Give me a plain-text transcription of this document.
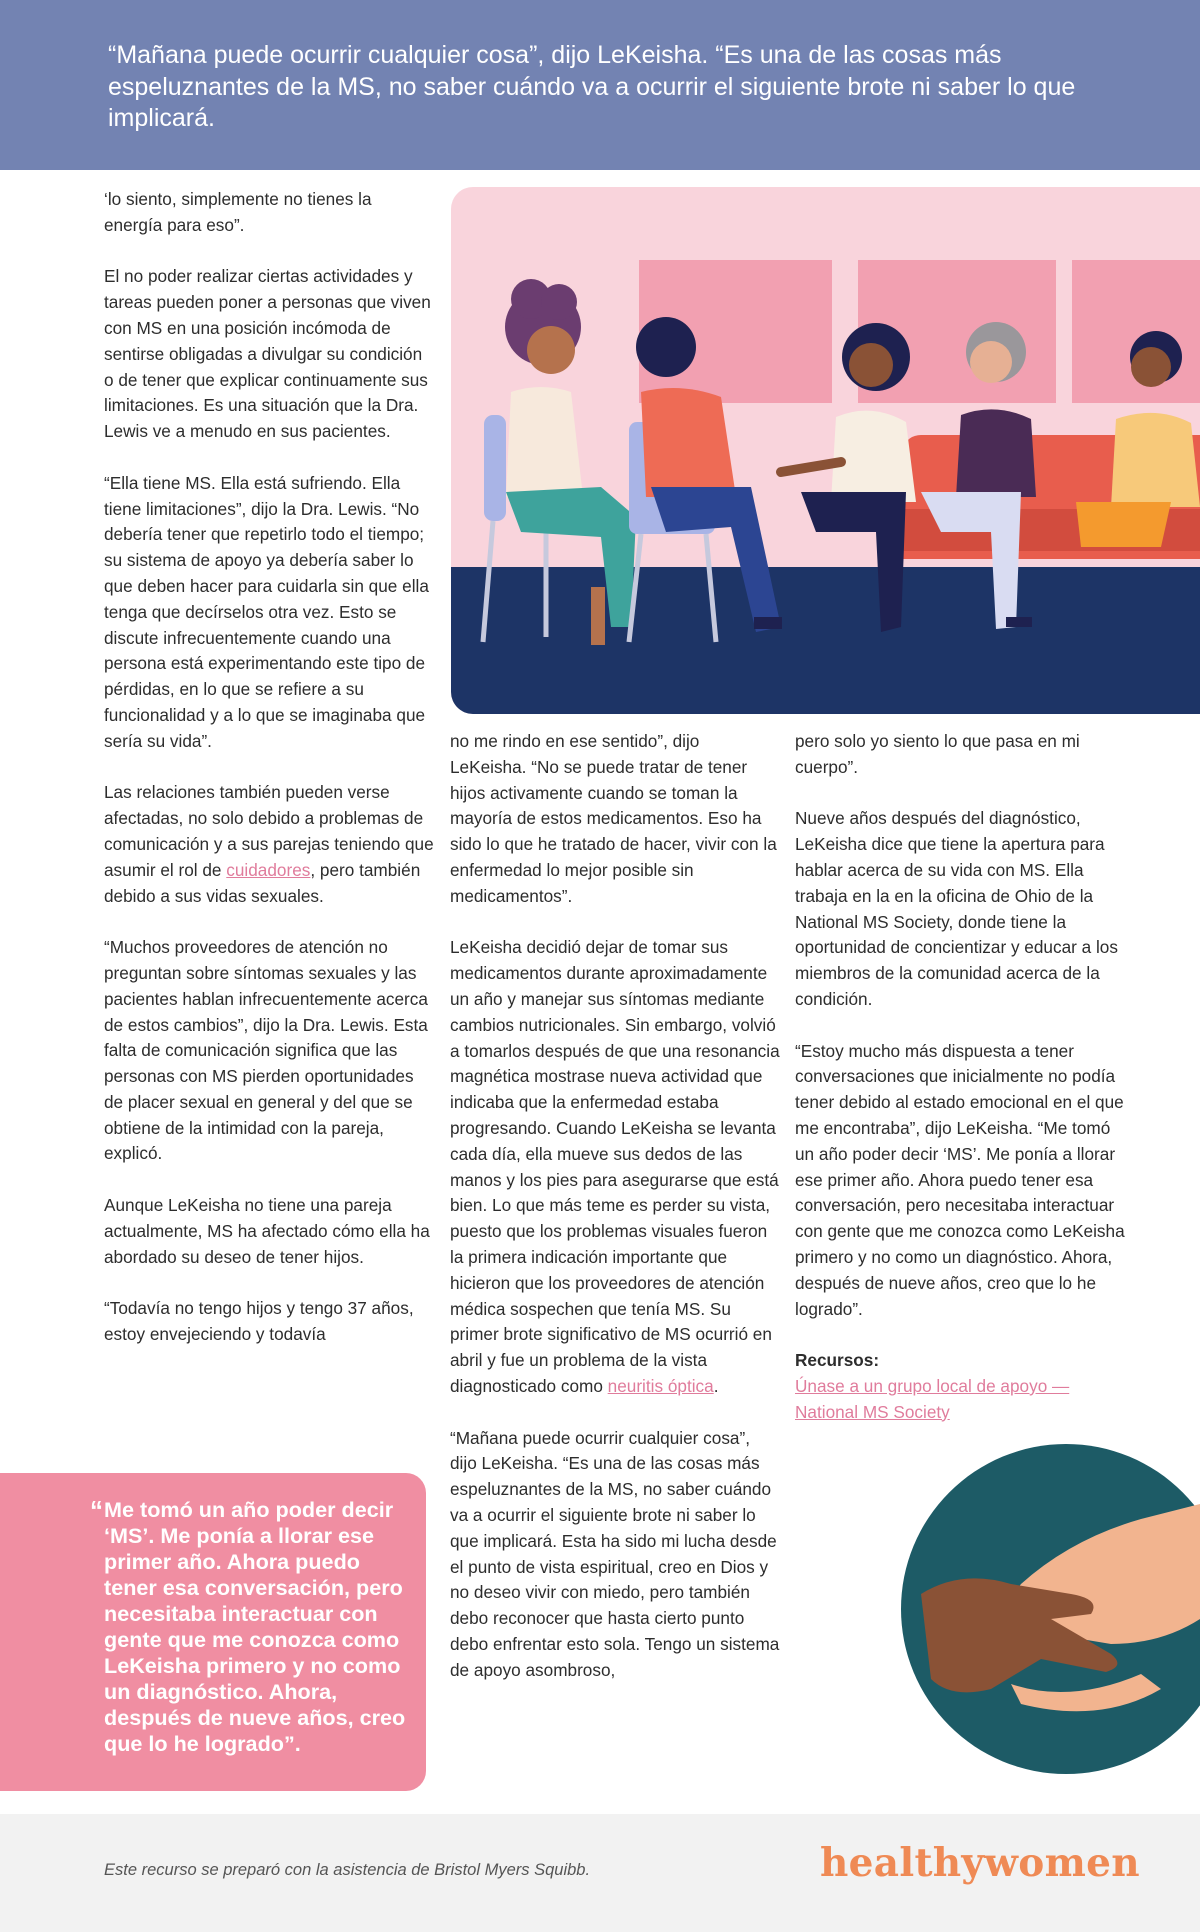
“Mañana puede ocurrir cualquier cosa”, dijo LeKeisha. “Es una de las cosas más espeluznantes de la MS, no saber cuándo va a ocurrir el siguiente brote ni saber lo que implicará.

‘lo siento, simplemente no tienes la energía para eso”.

El no poder realizar ciertas actividades y tareas pueden poner a personas que viven con MS en una posición incómoda de sentirse obligadas a divulgar su condición o de tener que explicar continuamente sus limitaciones. Es una situación que la Dra. Lewis ve a menudo en sus pacientes.

“Ella tiene MS. Ella está sufriendo. Ella tiene limitaciones”, dijo la Dra. Lewis. “No debería tener que repetirlo todo el tiempo; su sistema de apoyo ya debería saber lo que deben hacer para cuidarla sin que ella tenga que decírselos otra vez. Esto se discute infrecuentemente cuando una persona está experimentando este tipo de pérdidas, en lo que se refiere a su funcionalidad y a lo que se imaginaba que sería su vida”.

Las relaciones también pueden verse afectadas, no solo debido a problemas de comunicación y a sus parejas teniendo que asumir el rol de cuidadores, pero también debido a sus vidas sexuales.

“Muchos proveedores de atención no preguntan sobre síntomas sexuales y las pacientes hablan infrecuentemente acerca de estos cambios”, dijo la Dra. Lewis. Esta falta de comunicación significa que las personas con MS pierden oportunidades de placer sexual en general y del que se obtiene de la intimidad con la pareja, explicó.

Aunque LeKeisha no tiene una pareja actualmente, MS ha afectado cómo ella ha abordado su deseo de tener hijos.

“Todavía no tengo hijos y tengo 37 años, estoy envejeciendo y todavía

no me rindo en ese sentido”, dijo LeKeisha. “No se puede tratar de tener hijos activamente cuando se toman la mayoría de estos medicamentos. Eso ha sido lo que he tratado de hacer, vivir con la enfermedad lo mejor posible sin medicamentos”.

LeKeisha decidió dejar de tomar sus medicamentos durante aproximadamente un año y manejar sus síntomas mediante cambios nutricionales. Sin embargo, volvió a tomarlos después de que una resonancia magnética mostrase nueva actividad que indicaba que la enfermedad estaba progresando. Cuando LeKeisha se levanta cada día, ella mueve sus dedos de las manos y los pies para asegurarse que está bien. Lo que más teme es perder su vista, puesto que los problemas visuales fueron la primera indicación importante que hicieron que los proveedores de atención médica sospechen que tenía MS. Su primer brote significativo de MS ocurrió en abril y fue un problema de la vista diagnosticado como neuritis óptica.

“Mañana puede ocurrir cualquier cosa”, dijo LeKeisha. “Es una de las cosas más espeluznantes de la MS, no saber cuándo va a ocurrir el siguiente brote ni saber lo que implicará. Esta ha sido mi lucha desde el punto de vista espiritual, creo en Dios y no deseo vivir con miedo, pero también debo reconocer que hasta cierto punto debo enfrentar esto sola. Tengo un sistema de apoyo asombroso,

pero solo yo siento lo que pasa en mi cuerpo”.

Nueve años después del diagnóstico, LeKeisha dice que tiene la apertura para hablar acerca de su vida con MS. Ella trabaja en la en la oficina de Ohio de la National MS Society, donde tiene la oportunidad de concientizar y educar a los miembros de la comunidad acerca de la condición.

“Estoy mucho más dispuesta a tener conversaciones que inicialmente no podía tener debido al estado emocional en el que me encontraba”, dijo LeKeisha. “Me tomó un año poder decir ‘MS’. Me ponía a llorar ese primer año. Ahora puedo tener esa conversación, pero necesitaba interactuar con gente que me conozca como LeKeisha primero y no como un diagnóstico. Ahora, después de nueve años, creo que lo he logrado”.

Recursos:
Únase a un grupo local de apoyo — National MS Society

“ Me tomó un año poder decir ‘MS’. Me ponía a llorar ese primer año. Ahora puedo tener esa conversación, pero necesitaba interactuar con gente que me conozca como LeKeisha primero y no como un diagnóstico. Ahora, después de nueve años, creo que lo he logrado”.

Este recurso se preparó con la asistencia de Bristol Myers Squibb.	healthywomen
